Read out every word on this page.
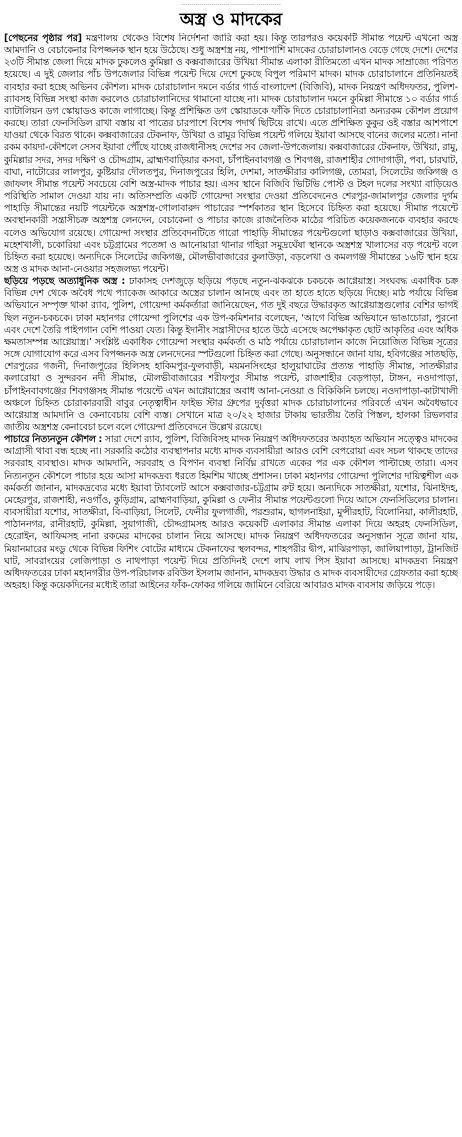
…………………… ………… …………
অস্ত্র ও মাদকের

[পেছনের পৃষ্ঠার পর] মন্ত্রণালয় থেকেও বিশেষ নির্দেশনা জারি করা হয়। কিন্তু তারপরও কয়েকটি সীমান্ত পয়েন্ট এখনো অস্ত্র আমদানি ও বেচাকেনার বিপজ্জনক স্থান হয়ে উঠেছে। শুধু অস্ত্রশস্ত্র নয়, পাশাপাশি মাদকের চোরাচালানও বেড়ে গেছে দেশে। দেশের ২৩টি সীমান্ত জেলা দিয়ে মাদক ঢুকলেও কুমিল্লা ও কক্সবাজারের উখিয়া সীমান্ত এলাকা রীতিমতো এখন মাদক সাম্রাজ্যে পরিণত হয়েছে। এ দুই জেলার পাঁচ উপজেলার বিভিন্ন পয়েন্ট দিয়ে দেশে ঢুকছে বিপুল পরিমাণ মাদক। মাদক চোরাচালানে প্রতিনিয়তই ব্যবহার করা হচ্ছে অভিনব কৌশল। মাদক চোরাচালান দমনে বর্ডার গার্ড বাংলাদেশ (বিজিবি), মাদক নিয়ন্ত্রণ অধিদফতর, পুলিশ-র‌্যাবসহ বিভিন্ন সংস্থা কাজ করলেও চোরাচালানিদের থামানো যাচ্ছে না। মাদক চোরাচালান দমনে কুমিল্লা সীমান্তে ১০ বর্ডার গার্ড ব্যাটালিয়ন ডগ স্কোয়াডও কাজে লাগাচ্ছে। কিন্তু প্রশিক্ষিত ডগ স্কোয়াডকে ফাঁকি দিতে চোরাচালানিরা অন্যরকম কৌশল প্রয়োগ করছে। তারা ফেনসিডিল রাখা বস্তায় বা পাত্রের চারপাশে বিশেষ পদার্থ ছিটিয়ে রাখে। এতে প্রশিক্ষিত কুকুর ওই বস্তার আশপাশে যাওয়া থেকে বিরত থাকে। কক্সবাজারের টেকনাফ, উখিয়া ও রামুর বিভিন্ন পয়েন্ট গলিয়ে ইয়াবা আসছে বানের জলের মতো। নানা রকম কায়দা-কৌশলে সেসব ইয়াবা পৌঁছে যাচ্ছে রাজধানীসহ দেশের সব জেলা-উপজেলায়। কক্সবাজারের টেকনাফ, উখিয়া, রামু, কুমিল্লার সদর, সদর দক্ষিণ ও চৌদ্দগ্রাম, ব্রাহ্মণবাড়িয়ার কসবা, চাঁপাইনবাবগঞ্জ ও শিবগঞ্জ, রাজশাহীর গোদাগাড়ী, পবা, চারঘাট, বাঘা, নাটোরের লালপুর, কুষ্টিয়ার দৌলতপুর, দিনাজপুরের হিলি, দেশমা, সাতক্ষীরার কালিগঞ্জ, তোমরা, সিলেটের জকিগঞ্জ ও জাফলং সীমান্ত পয়েন্ট সবচেয়ে বেশি অস্ত্র-মাদক পাচার হয়। এসব স্থানে বিজিবি ভিটিভি পোস্ট ও টহল দলের সংখ্যা বাড়িয়েও পরিস্থিতি সামাল দেওয়া যায় না। অতিসম্প্রতি একটি গোয়েন্দা সংস্থার দেওয়া প্রতিবেদনেও শেরপুর-জামালপুর জেলার দুর্গম পাহাড়ি সীমান্তের নয়টি পয়েন্টকে অস্ত্রশস্ত্র-গোলাবারুদ পাচারের স্পর্শকাতর স্থান হিসেবে চিহ্নিত করা হয়েছে। সীমান্ত পয়েন্টে অবস্থানকারী সন্ত্রাসীচক্র অস্ত্রশস্ত্র লেনদেন, বেচাকেনা ও পাচার কাজে রাজনৈতিক মাঠের পরিচিত কয়েকজনকে ব্যবহার করছে বলেও অভিযোগ রয়েছে। গোয়েন্দা সংস্থার প্রতিবেদনটিতে গারো পাহাড়ি সীমান্তের পয়েন্টগুলো ছাড়াও কক্সবাজারের উখিয়া, মহেশখালী, চকোরিয়া এবং চট্টগ্রামের পতেঙ্গা ও আনোয়ারা থানার গহিরা সমুদ্রঘেঁষা স্থানকে অস্ত্রশস্ত্র খালাসের বড় পয়েন্ট বলে চিহ্নিত করা হয়েছে। অন্যদিকে সিলেটের জকিগঞ্জ, মৌলভীবাজারের কুলাউড়া, বড়লেখা ও কমলগঞ্জ সীমান্তের ১৬টি স্থান হয়ে অস্ত্র ও মাদক আনা-নেওয়ার সহজলভ্য পয়েন্ট।

ছড়িয়ে পড়ছে অত্যাধুনিক অস্ত্র : ঢাকাসহ দেশজুড়ে ছড়িয়ে পড়ছে নতুন-ঝকঝকে চকচকে আগ্নেয়াস্ত্র। সংঘবদ্ধ একাধিক চক্র বিভিন্ন দেশ থেকে অবৈধ পথে প্যাকেজ আকারে অস্ত্রের চালান আনছে এবং তা হাতে হাতে ছড়িয়ে দিচ্ছে। মাঠ পর্যায়ে বিভিন্ন অভিযানে সম্পৃক্ত থাকা র‌্যাব, পুলিশ, গোয়েন্দা কর্মকর্তারা জানিয়েছেন, গত দুই বছরে উদ্ধারকৃত আগ্নেয়াস্ত্রগুলোর বেশির ভাগই ছিল নতুন-চকচকে। ঢাকা মহানগর গোয়েন্দা পুলিশের এক উপ-কমিশনার বলেছেন, ‘আগে বিভিন্ন অভিযানে ভাঙাচোরা, পুরনো এবং দেশে তৈরি পাইপগান বেশি পাওয়া যেত। কিন্তু ইদানীং সন্ত্রাসীদের হাতে উঠে এসেছে অপেক্ষাকৃত ছোট আকৃতির এবং অধিক ক্ষমতাসম্পন্ন আগ্নেয়াস্ত্র।’ সংশ্লিষ্ট একাধিক গোয়েন্দা সংস্থার কর্মকর্তা ও মাঠ পর্যায়ে চোরাচালান কাজে নিয়োজিত বিভিন্ন সূত্রের সঙ্গে যোগাযোগ করে এসব বিপজ্জনক অস্ত্র লেনদেনের স্পটগুলো চিহ্নিত করা গেছে। অনুসন্ধানে জানা যায়, হবিগঞ্জের সাতছড়ি, শেরপুরের গজনী, দিনাজপুরের হিলিসহ হাকিমপুর-ফুলবাড়ী, ময়মনসিংহের হালুয়াঘাটের প্রত্যন্ত পাহাড়ি সীমান্ত, সাতক্ষীরার কলারোয়া ও সুন্দরবন নদী সীমান্ত, মৌলভীবাজারের শরীফপুর সীমান্ত পয়েন্ট, রাজশাহীর বেড়পাড়া, টাঙ্গন, নওদাপাড়া, চাঁপাইনবাবগঞ্জের শিবগঞ্জসহ সীমান্ত পয়েন্টে এখন আগ্নেয়াস্ত্রের অবাধ আনা-নেওয়া ও বিকিকিনি চলছে। নওদাপাড়া-কাটাখালী অঞ্চলে চিহ্নিত চোরাকারবারী বাবুর নেতৃত্বাধীন ফাইভ স্টার গ্রুপের দুর্বৃত্তরা মাদক চোরাচালানের পরিবর্তে এখন অবৈধভাবে আগ্নেয়াস্ত্র আমদানি ও কেনাবেচায় বেশি ব্যস্ত। সেখানে মাত্র ২০/২২ হাজার টাকায় ভারতীয় তৈরি পিস্তল, হালকা রিভলবার জাতীয় অস্ত্রশস্ত্র কেনাবেচা চলে বলে গোয়েন্দা প্রতিবেদনে উল্লেখ রয়েছে।

পাচারে নিত্যনতুন কৌশল : সারা দেশে র‌্যাব, পুলিশ, বিজিবিসহ মাদক নিয়ন্ত্রণ অধিদফতরের অব্যাহত অভিযান সত্ত্বেও মাদকের আগ্রাসী থাবা বন্ধ হচ্ছে না। সরকারি কঠোর ব্যবস্থাপনার মধ্যে মাদক ব্যবসায়ীরা আরও বেশি বেপরোয়া এবং সচল থাকছে তাদের সরবরাহ ব্যবস্থাও। মাদক আমদানি, সরবরাহ ও বিপণন ব্যবস্থা নির্বিঘ্ন রাখতে একের পর এক কৌশল পাল্টাচ্ছে তারা। এসব নিত্যনতুন কৌশলে পাচার হয়ে আসা মাদকদ্রব্য ধরতে হিমশিম খাচ্ছে প্রশাসন। ঢাকা মহানগর গোয়েন্দা পুলিশের দায়িত্বশীল এক কর্মকর্তা জানান, মাদকদ্রব্যের মধ্যে ইয়াবা ট্যাবলেট আসে কক্সবাজার-চট্টগ্রাম রুট হয়ে। অন্যদিকে সাতক্ষীরা, যশোর, ঝিনাইদহ, মেহেরপুর, রাজশাহী, নওগাঁও, কুড়িগ্রাম, ব্রাহ্মণবাড়িয়া, কুমিল্লা ও ফেনীর সীমান্ত পয়েন্টগুলো দিয়ে আসে ফেনসিডিলের চালান। ব্যবসায়ীরা যশোর, সাতক্ষীরা, বি-বাড়িয়া, সিলেট, ফেনীর ফুলগাজী, পরশুরাম, ছাগলনাইয়া, মুন্সীরহাট, বিলোনিয়া, কালীরহাট, পাঠাননগর, রানীরহাট, কুমিল্লা, সুয়াগাজী, চৌদ্দগ্রামসহ আরও কয়েকটি এলাকার সীমান্ত এলাকা দিয়ে অহরহ ফেনসিডিল, হেরোইন, আফিমসহ নানা রকমের মাদকের চালান নিয়ে আসছে। মাদক নিয়ন্ত্রণ অধিদফতরের অনুসন্ধান সূত্রে জানা যায়, মিয়ানমারের মংডু থেকে বিভিন্ন ফিশিং বোটের মাধ্যমে টেকনাফের স্থলবন্দর, শাহপরীর দ্বীপ, মাঝিরপাড়া, জালিয়াপাড়া, ট্রানজিট ঘাট, সাবরাংয়ের লেজিপাড়া ও নাথপাড়া পয়েন্ট দিয়ে প্রতিদিনই দেশে লাখ লাখ পিস ইয়াবা আসছে। মাদকদ্রব্য নিয়ন্ত্রণ অধিদফতরের ঢাকা মহানগরীর উপ-পরিচালক রবিউল ইসলাম জানান, মাদকদ্রব্য উদ্ধার ও মাদক ব্যবসায়ীদের গ্রেফতার করা হচ্ছে অহরহ। কিন্তু কয়েকদিনের মধ্যেই তারা আইনের ফাঁক-ফোকর গলিয়ে জামিনে বেরিয়ে আবারও মাদক ব্যবসায় জড়িয়ে পড়ে।
